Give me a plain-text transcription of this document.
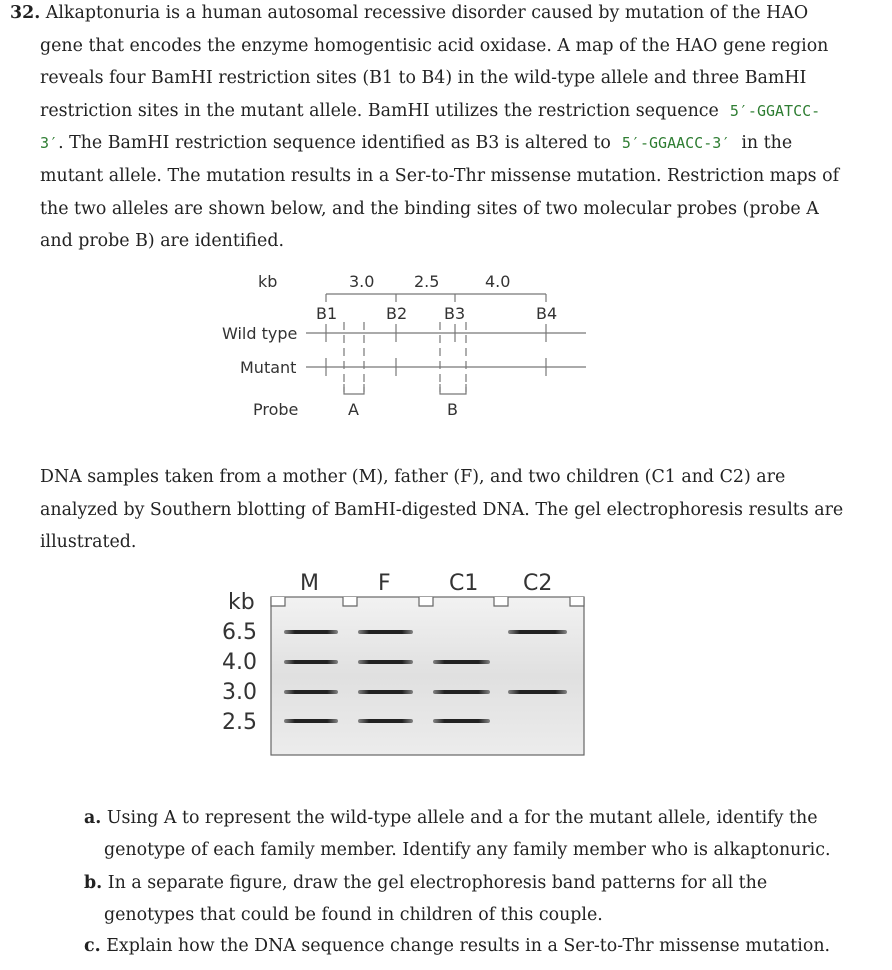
32. Alkaptonuria is a human autosomal recessive disorder caused by mutation of the HAO
gene that encodes the enzyme homogentisic acid oxidase. A map of the HAO gene region
reveals four BamHI restriction sites (B1 to B4) in the wild-type allele and three BamHI
restriction sites in the mutant allele. BamHI utilizes the restriction sequence 5′-GGATCC-
3′. The BamHI restriction sequence identified as B3 is altered to 5′-GGAACC-3′ in the
mutant allele. The mutation results in a Ser-to-Thr missense mutation. Restriction maps of
the two alleles are shown below, and the binding sites of two molecular probes (probe A
and probe B) are identified.
kb	3.0 2.5	4.0
B1	B2 B3	B4
Wild type
Mutant
Probe	A	B
DNA samples taken from a mother (M), father (F), and two children (C1 and C2) are
analyzed by Southern blotting of BamHI-digested DNA. The gel electrophoresis results are
illustrated.
kb
6.5
4.0
3.0
2.5
M	F	C1 C2
a. Using A to represent the wild-type allele and a for the mutant allele, identify the
genotype of each family member. Identify any family member who is alkaptonuric.
b. In a separate figure, draw the gel electrophoresis band patterns for all the
genotypes that could be found in children of this couple.
c. Explain how the DNA sequence change results in a Ser-to-Thr missense mutation.
